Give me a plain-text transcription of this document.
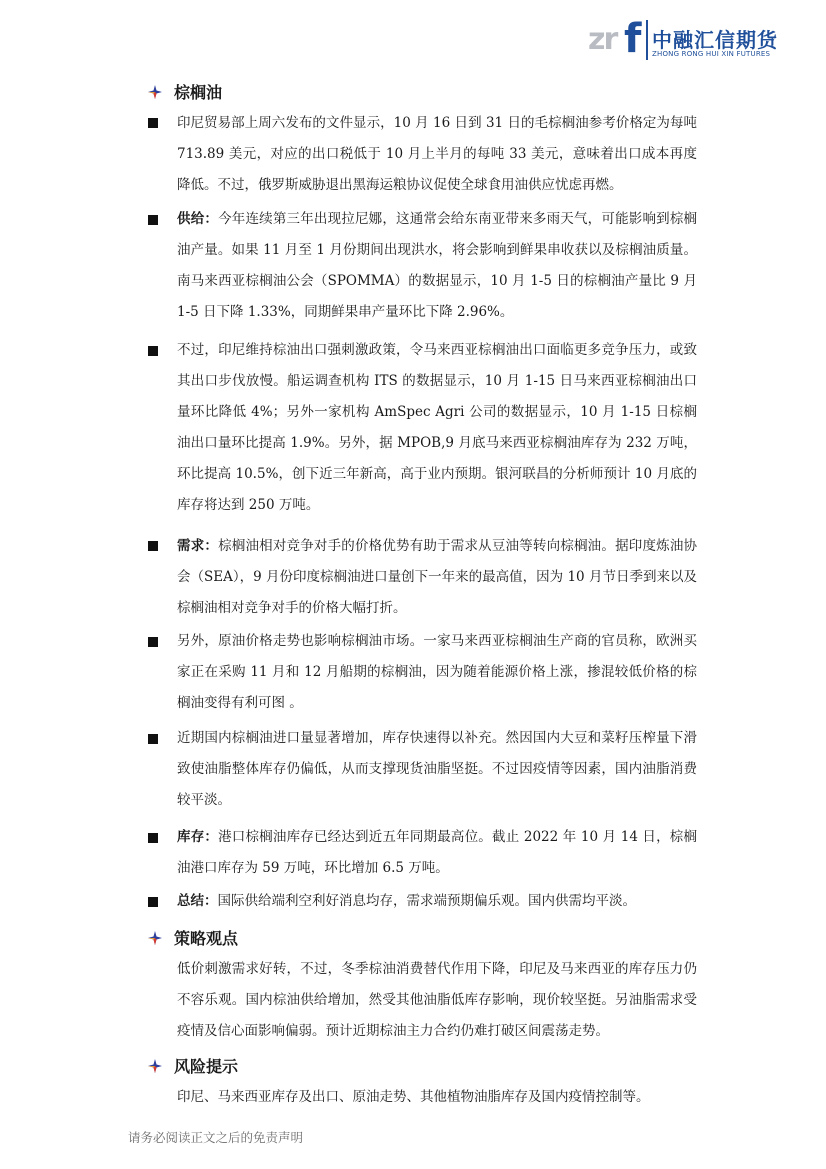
zr f 中融汇信期货
ZHONG RONG HUI XIN FUTURES
棕榈油
印尼贸易部上周六发布的文件显示，10 月 16 日到 31 日的毛棕榈油参考价格定为每吨 713.89 美元，对应的出口税低于 10 月上半月的每吨 33 美元，意味着出口成本再度降低。不过，俄罗斯威胁退出黑海运粮协议促使全球食用油供应忧虑再燃。
供给：今年连续第三年出现拉尼娜，这通常会给东南亚带来多雨天气，可能影响到棕榈油产量。如果 11 月至 1 月份期间出现洪水，将会影响到鲜果串收获以及棕榈油质量。南马来西亚棕榈油公会（SPOMMA）的数据显示，10 月 1-5 日的棕榈油产量比 9 月 1-5 日下降 1.33%，同期鲜果串产量环比下降 2.96%。
不过，印尼维持棕油出口强刺激政策，令马来西亚棕榈油出口面临更多竞争压力，或致其出口步伐放慢。船运调查机构 ITS 的数据显示，10 月 1-15 日马来西亚棕榈油出口量环比降低 4%；另外一家机构 AmSpec Agri 公司的数据显示，10 月 1-15 日棕榈油出口量环比提高 1.9%。另外，据 MPOB,9 月底马来西亚棕榈油库存为 232 万吨，环比提高 10.5%，创下近三年新高，高于业内预期。银河联昌的分析师预计 10 月底的库存将达到 250 万吨。
需求：棕榈油相对竞争对手的价格优势有助于需求从豆油等转向棕榈油。据印度炼油协会（SEA），9 月份印度棕榈油进口量创下一年来的最高值，因为 10 月节日季到来以及棕榈油相对竞争对手的价格大幅打折。
另外，原油价格走势也影响棕榈油市场。一家马来西亚棕榈油生产商的官员称，欧洲买家正在采购 11 月和 12 月船期的棕榈油，因为随着能源价格上涨，掺混较低价格的棕榈油变得有利可图 。
近期国内棕榈油进口量显著增加，库存快速得以补充。然因国内大豆和菜籽压榨量下滑致使油脂整体库存仍偏低，从而支撑现货油脂坚挺。不过因疫情等因素，国内油脂消费较平淡。
库存：港口棕榈油库存已经达到近五年同期最高位。截止 2022 年 10 月 14 日，棕榈油港口库存为 59 万吨，环比增加 6.5 万吨。
总结：国际供给端利空利好消息均存，需求端预期偏乐观。国内供需均平淡。
策略观点
低价刺激需求好转，不过，冬季棕油消费替代作用下降，印尼及马来西亚的库存压力仍不容乐观。国内棕油供给增加，然受其他油脂低库存影响，现价较坚挺。另油脂需求受疫情及信心面影响偏弱。预计近期棕油主力合约仍难打破区间震荡走势。
风险提示
印尼、马来西亚库存及出口、原油走势、其他植物油脂库存及国内疫情控制等。
请务必阅读正文之后的免责声明
